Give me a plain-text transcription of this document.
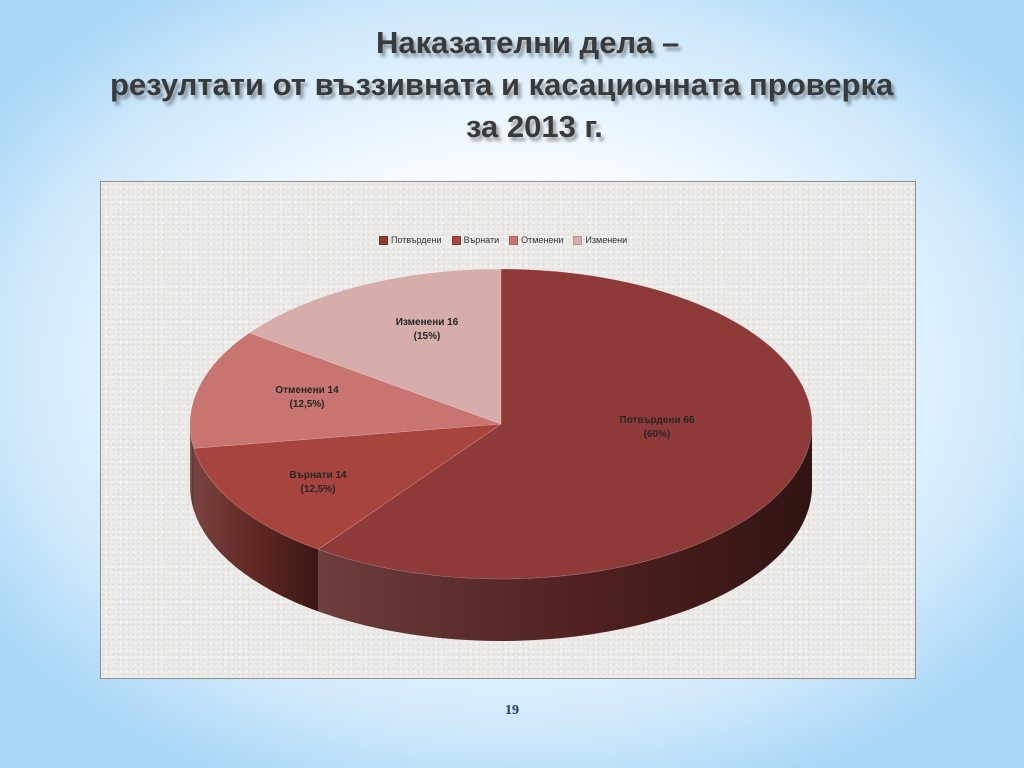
Наказателни дела –
резултати от въззивната и касационната проверка
за 2013 г.
Потвърдени Върнати Отменени Изменени
Потвърдени 66
(60%)
Върнати 14
(12,5%)
Отменени 14
(12,5%)
Изменени 16
(15%)
19
